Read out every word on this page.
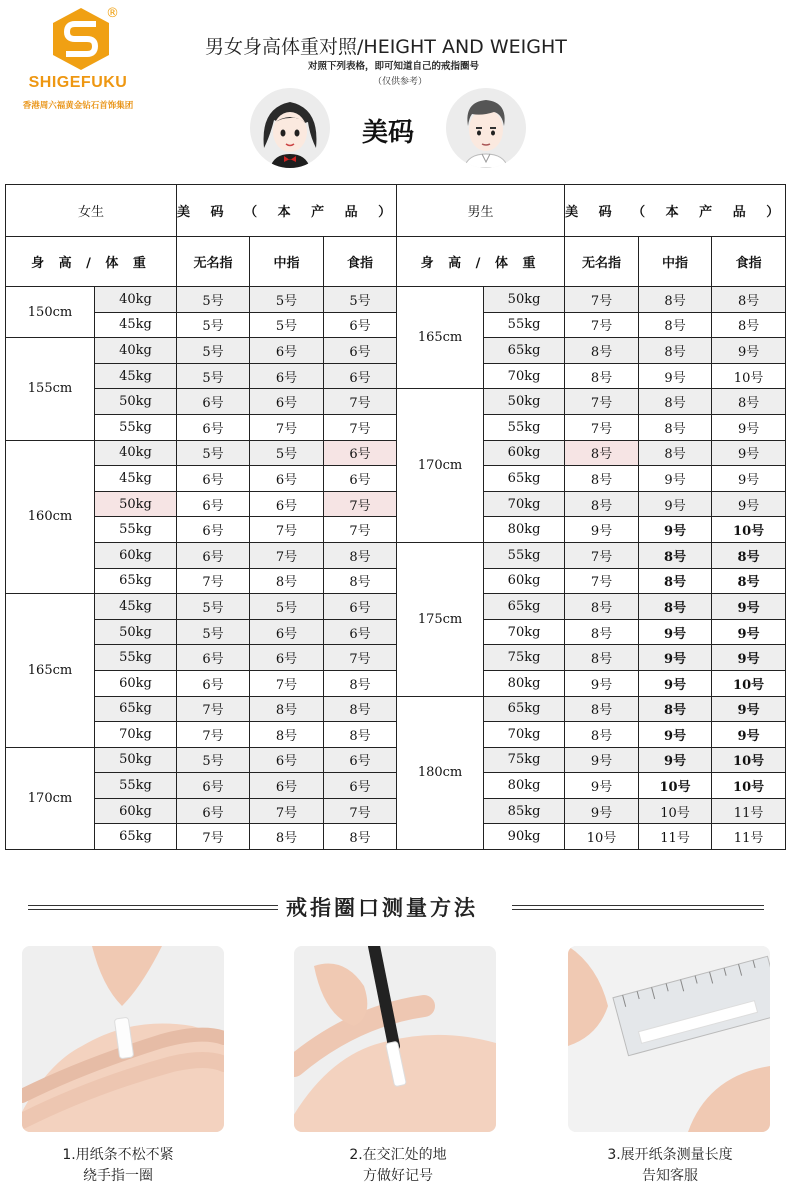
®
SHIGEFUKU
香港周六福黄金钻石首饰集团
男女身高体重对照/HEIGHT AND WEIGHT
对照下列表格，即可知道自己的戒指圈号
（仅供参考）
美码
女生		美 码 （ 本 产 品 ）			男生		美 码 （ 本 产 品 ）		
身 高 / 体 重		无名指	中指	食指	身 高 / 体 重		无名指	中指	食指
150cm	40kg	5号	5号	5号	165cm	50kg	7号	8号	8号
	45kg	5号	5号	6号		55kg	7号	8号	8号
155cm	40kg	5号	6号	6号		65kg	8号	8号	9号
	45kg	5号	6号	6号		70kg	8号	9号	10号
	50kg	6号	6号	7号	170cm	50kg	7号	8号	8号
	55kg	6号	7号	7号		55kg	7号	8号	9号
160cm	40kg	5号	5号	6号		60kg	8号	8号	9号
	45kg	6号	6号	6号		65kg	8号	9号	9号
	50kg	6号	6号	7号		70kg	8号	9号	9号
	55kg	6号	7号	7号		80kg	9号	9号	10号
	60kg	6号	7号	8号	175cm	55kg	7号	8号	8号
	65kg	7号	8号	8号		60kg	7号	8号	8号
165cm	45kg	5号	5号	6号		65kg	8号	8号	9号
	50kg	5号	6号	6号		70kg	8号	9号	9号
	55kg	6号	6号	7号		75kg	8号	9号	9号
	60kg	6号	7号	8号		80kg	9号	9号	10号
	65kg	7号	8号	8号	180cm	65kg	8号	8号	9号
	70kg	7号	8号	8号		70kg	8号	9号	9号
170cm	50kg	5号	6号	6号		75kg	9号	9号	10号
	55kg	6号	6号	6号		80kg	9号	10号	10号
	60kg	6号	7号	7号		85kg	9号	10号	11号
	65kg	7号	8号	8号		90kg	10号	11号	11号
戒指圈口测量方法
1.用纸条不松不紧
绕手指一圈
2.在交汇处的地
方做好记号
3.展开纸条测量长度
告知客服
